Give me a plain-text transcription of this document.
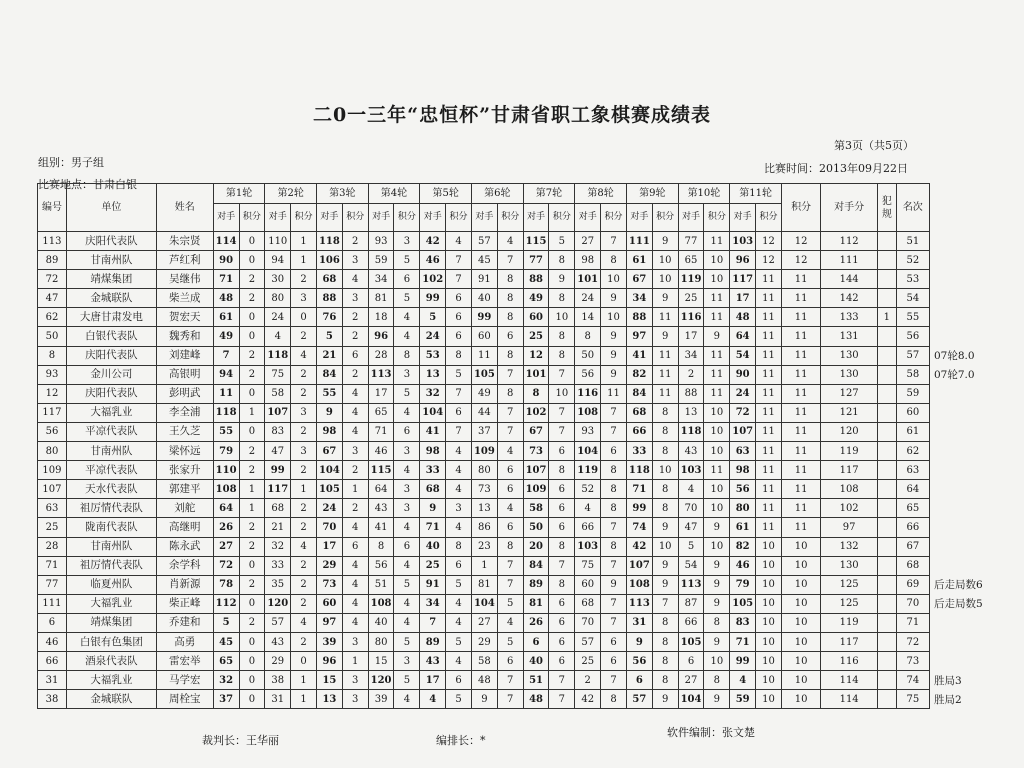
二0一三年“忠恒杯”甘肃省职工象棋赛成绩表
第3页（共5页）
组别：男子组
比赛地点：甘肃白银
比赛时间：2013年09月22日
编号	单位	姓名	第1轮		第2轮		第3轮		第4轮		第5轮		第6轮		第7轮		第8轮		第9轮		第10轮		第11轮		积分	对手分	犯规	名次
			对手	积分	对手	积分	对手	积分	对手	积分	对手	积分	对手	积分	对手	积分	对手	积分	对手	积分	对手	积分	对手	积分				
113	庆阳代表队	朱宗贤	114	0	110	1	118	2	93	3	42	4	57	4	115	5	27	7	111	9	77	11	103	12	12	112		51
89	甘南州队	芦红利	90	0	94	1	106	3	59	5	46	7	45	7	77	8	98	8	61	10	65	10	96	12	12	111		52
72	靖煤集团	吴继伟	71	2	30	2	68	4	34	6	102	7	91	8	88	9	101	10	67	10	119	10	117	11	11	144		53
47	金城联队	柴兰成	48	2	80	3	88	3	81	5	99	6	40	8	49	8	24	9	34	9	25	11	17	11	11	142		54
62	大唐甘肃发电	贺宏天	61	0	24	0	76	2	18	4	5	6	99	8	60	10	14	10	88	11	116	11	48	11	11	133	1	55
50	白银代表队	魏秀和	49	0	4	2	5	2	96	4	24	6	60	6	25	8	8	9	97	9	17	9	64	11	11	131		56
8	庆阳代表队	刘建峰	7	2	118	4	21	6	28	8	53	8	11	8	12	8	50	9	41	11	34	11	54	11	11	130		57
93	金川公司	高银明	94	2	75	2	84	2	113	3	13	5	105	7	101	7	56	9	82	11	2	11	90	11	11	130		58
12	庆阳代表队	彭明武	11	0	58	2	55	4	17	5	32	7	49	8	8	10	116	11	84	11	88	11	24	11	11	127		59
117	大福乳业	李全浦	118	1	107	3	9	4	65	4	104	6	44	7	102	7	108	7	68	8	13	10	72	11	11	121		60
56	平凉代表队	王久芝	55	0	83	2	98	4	71	6	41	7	37	7	67	7	93	7	66	8	118	10	107	11	11	120		61
80	甘南州队	梁怀远	79	2	47	3	67	3	46	3	98	4	109	4	73	6	104	6	33	8	43	10	63	11	11	119		62
109	平凉代表队	张家升	110	2	99	2	104	2	115	4	33	4	80	6	107	8	119	8	118	10	103	11	98	11	11	117		63
107	天水代表队	郭建平	108	1	117	1	105	1	64	3	68	4	73	6	109	6	52	8	71	8	4	10	56	11	11	108		64
63	祖厉情代表队	刘舵	64	1	68	2	24	2	43	3	9	3	13	4	58	6	4	8	99	8	70	10	80	11	11	102		65
25	陇南代表队	高继明	26	2	21	2	70	4	41	4	71	4	86	6	50	6	66	7	74	9	47	9	61	11	11	97		66
28	甘南州队	陈永武	27	2	32	4	17	6	8	6	40	8	23	8	20	8	103	8	42	10	5	10	82	10	10	132		67
71	祖厉情代表队	余学科	72	0	33	2	29	4	56	4	25	6	1	7	84	7	75	7	107	9	54	9	46	10	10	130		68
77	临夏州队	肖新源	78	2	35	2	73	4	51	5	91	5	81	7	89	8	60	9	108	9	113	9	79	10	10	125		69
111	大福乳业	柴正峰	112	0	120	2	60	4	108	4	34	4	104	5	81	6	68	7	113	7	87	9	105	10	10	125		70
6	靖煤集团	乔建和	5	2	57	4	97	4	40	4	7	4	27	4	26	6	70	7	31	8	66	8	83	10	10	119		71
46	白银有色集团	高勇	45	0	43	2	39	3	80	5	89	5	29	5	6	6	57	6	9	8	105	9	71	10	10	117		72
66	酒泉代表队	雷宏举	65	0	29	0	96	1	15	3	43	4	58	6	40	6	25	6	56	8	6	10	99	10	10	116		73
31	大福乳业	马学宏	32	0	38	1	15	3	120	5	17	6	48	7	51	7	2	7	6	8	27	8	4	10	10	114		74
38	金城联队	周栓宝	37	0	31	1	13	3	39	4	4	5	9	7	48	7	42	8	57	9	104	9	59	10	10	114		75
07轮8.0
07轮7.0
后走局数6
后走局数5
胜局3
胜局2
裁判长：王华丽	编排长：*
软件编制：张文楚
